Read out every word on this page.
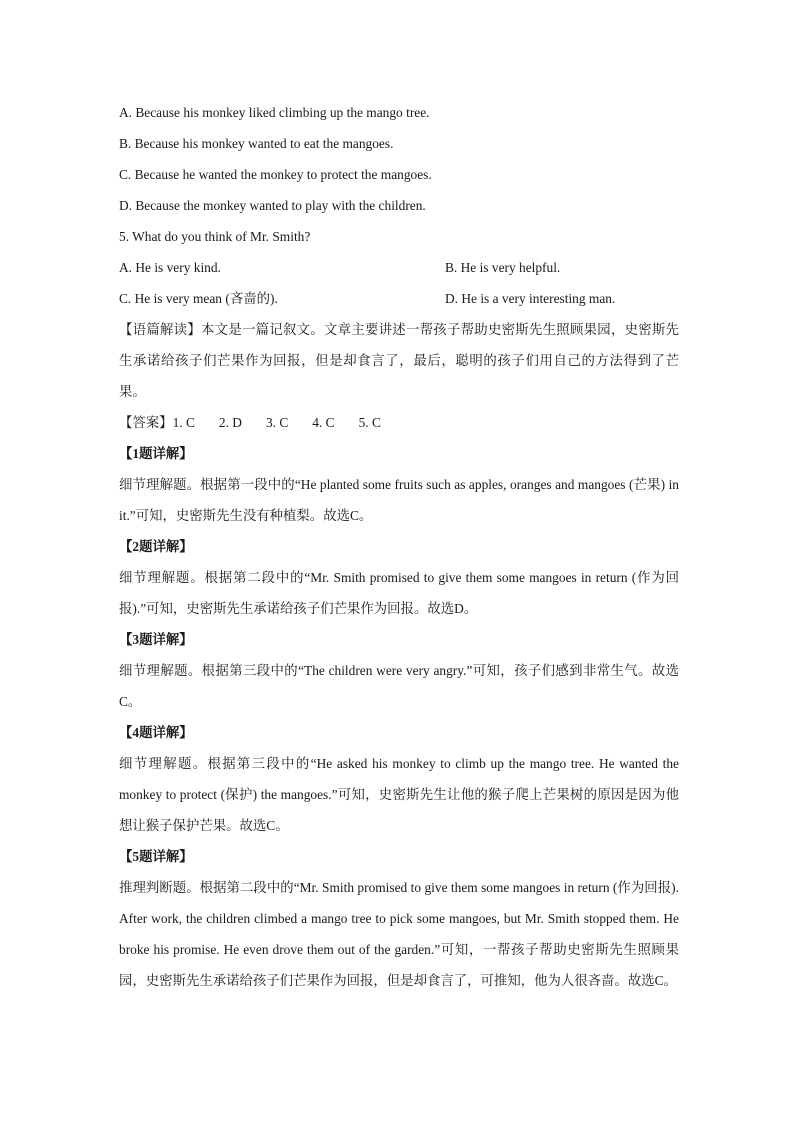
A. Because his monkey liked climbing up the mango tree.
B. Because his monkey wanted to eat the mangoes.
C. Because he wanted the monkey to protect the mangoes.
D. Because the monkey wanted to play with the children.
5. What do you think of Mr. Smith?
A. He is very kind.	B. He is very helpful.
C. He is very mean (吝啬的).	D. He is a very interesting man.
【语篇解读】本文是一篇记叙文。文章主要讲述一帮孩子帮助史密斯先生照顾果园，史密斯先生承诺给孩子们芒果作为回报，但是却食言了，最后，聪明的孩子们用自己的方法得到了芒果。
【答案】1. C 2. D 3. C 4. C 5. C
【1题详解】
细节理解题。根据第一段中的“He planted some fruits such as apples, oranges and mangoes (芒果) in it.”可知，史密斯先生没有种植梨。故选C。
【2题详解】
细节理解题。根据第二段中的“Mr. Smith promised to give them some mangoes in return (作为回报).”可知，史密斯先生承诺给孩子们芒果作为回报。故选D。
【3题详解】
细节理解题。根据第三段中的“The children were very angry.”可知，孩子们感到非常生气。故选C。
【4题详解】
细节理解题。根据第三段中的“He asked his monkey to climb up the mango tree. He wanted the monkey to protect (保护) the mangoes.”可知，史密斯先生让他的猴子爬上芒果树的原因是因为他想让猴子保护芒果。故选C。
【5题详解】
推理判断题。根据第二段中的“Mr. Smith promised to give them some mangoes in return (作为回报). After work, the children climbed a mango tree to pick some mangoes, but Mr. Smith stopped them. He broke his promise. He even drove them out of the garden.”可知，一帮孩子帮助史密斯先生照顾果园，史密斯先生承诺给孩子们芒果作为回报，但是却食言了，可推知，他为人很吝啬。故选C。
